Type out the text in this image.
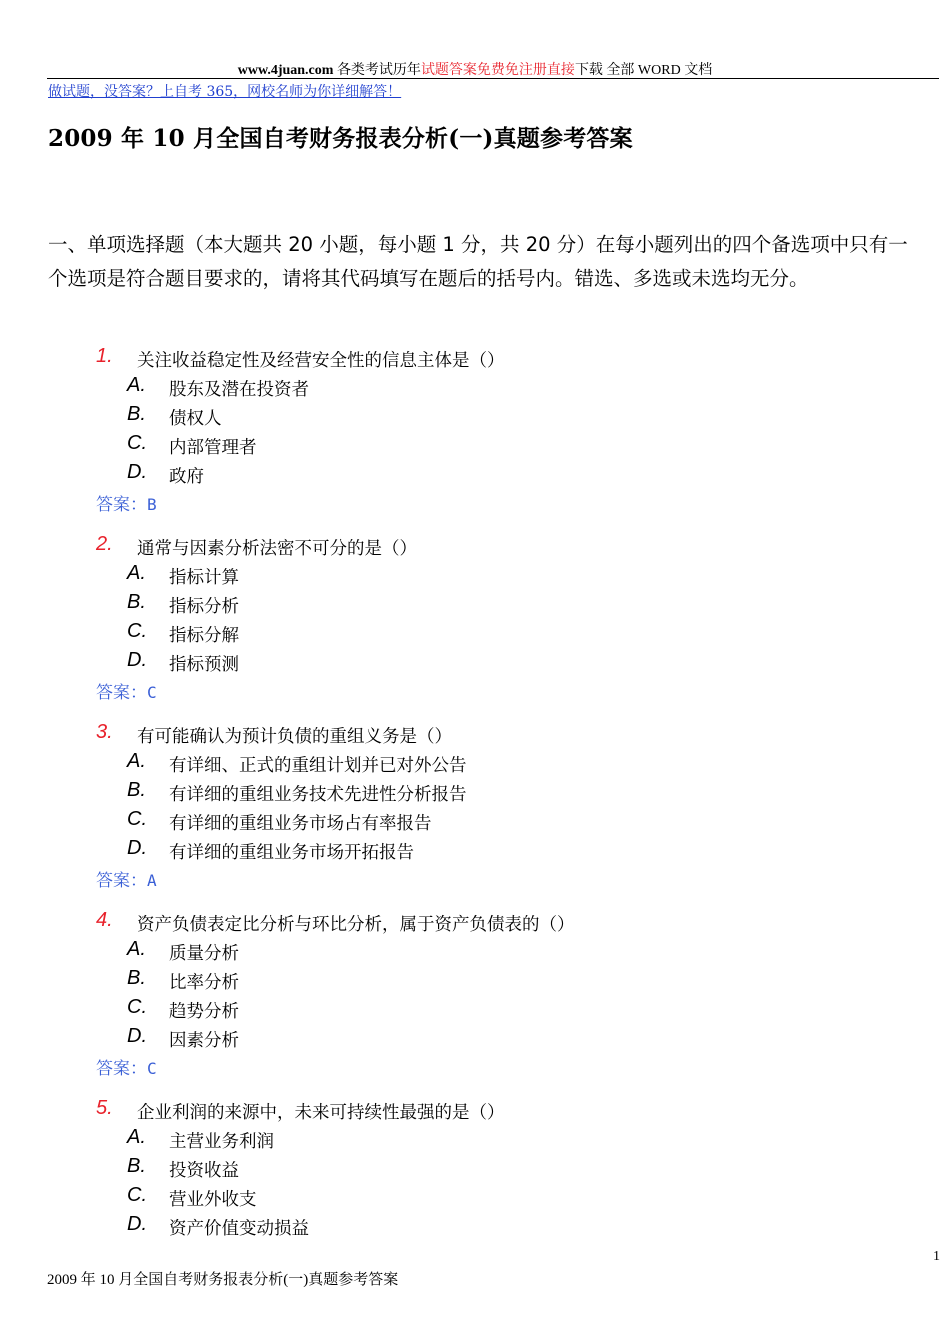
www.4juan.com 各类考试历年试题答案免费免注册直接下载 全部 WORD 文档
做试题，没答案？上自考 365，网校名师为你详细解答！
2009 年 10 月全国自考财务报表分析(一)真题参考答案
一、单项选择题（本大题共 20 小题，每小题 1 分，共 20 分）在每小题列出的四个备选项中只有一个选项是符合题目要求的，请将其代码填写在题后的括号内。错选、多选或未选均无分。
1. 关注收益稳定性及经营安全性的信息主体是（）
A. 股东及潜在投资者
B. 债权人
C. 内部管理者
D. 政府
答案：B
2. 通常与因素分析法密不可分的是（）
A. 指标计算
B. 指标分析
C. 指标分解
D. 指标预测
答案：C
3. 有可能确认为预计负债的重组义务是（）
A. 有详细、正式的重组计划并已对外公告
B. 有详细的重组业务技术先进性分析报告
C. 有详细的重组业务市场占有率报告
D. 有详细的重组业务市场开拓报告
答案：A
4. 资产负债表定比分析与环比分析，属于资产负债表的（）
A. 质量分析
B. 比率分析
C. 趋势分析
D. 因素分析
答案：C
5. 企业利润的来源中，未来可持续性最强的是（）
A. 主营业务利润
B. 投资收益
C. 营业外收支
D. 资产价值变动损益
1
2009 年 10 月全国自考财务报表分析(一)真题参考答案
